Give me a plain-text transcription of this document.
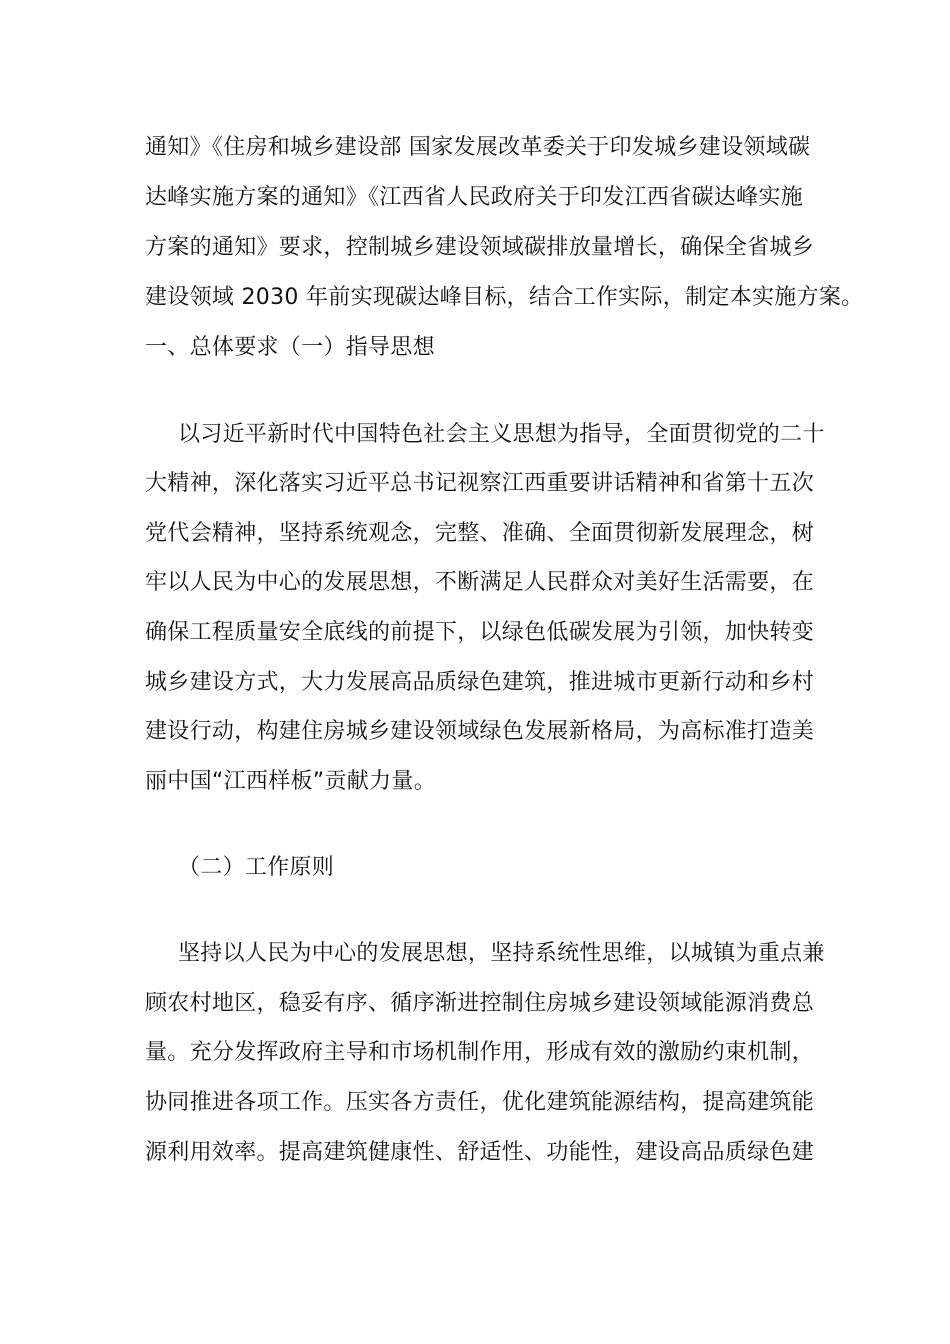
通知》《住房和城乡建设部 国家发展改革委关于印发城乡建设领域碳
达峰实施方案的通知》《江西省人民政府关于印发江西省碳达峰实施
方案的通知》要求，控制城乡建设领域碳排放量增长，确保全省城乡
建设领域 2030 年前实现碳达峰目标，结合工作实际，制定本实施方案。
一、总体要求（一）指导思想
以习近平新时代中国特色社会主义思想为指导，全面贯彻党的二十
大精神，深化落实习近平总书记视察江西重要讲话精神和省第十五次
党代会精神，坚持系统观念，完整、准确、全面贯彻新发展理念，树
牢以人民为中心的发展思想，不断满足人民群众对美好生活需要，在
确保工程质量安全底线的前提下，以绿色低碳发展为引领，加快转变
城乡建设方式，大力发展高品质绿色建筑，推进城市更新行动和乡村
建设行动，构建住房城乡建设领域绿色发展新格局，为高标准打造美
丽中国“江西样板”贡献力量。
（二）工作原则
坚持以人民为中心的发展思想，坚持系统性思维，以城镇为重点兼
顾农村地区，稳妥有序、循序渐进控制住房城乡建设领域能源消费总
量。充分发挥政府主导和市场机制作用，形成有效的激励约束机制，
协同推进各项工作。压实各方责任，优化建筑能源结构，提高建筑能
源利用效率。提高建筑健康性、舒适性、功能性，建设高品质绿色建
